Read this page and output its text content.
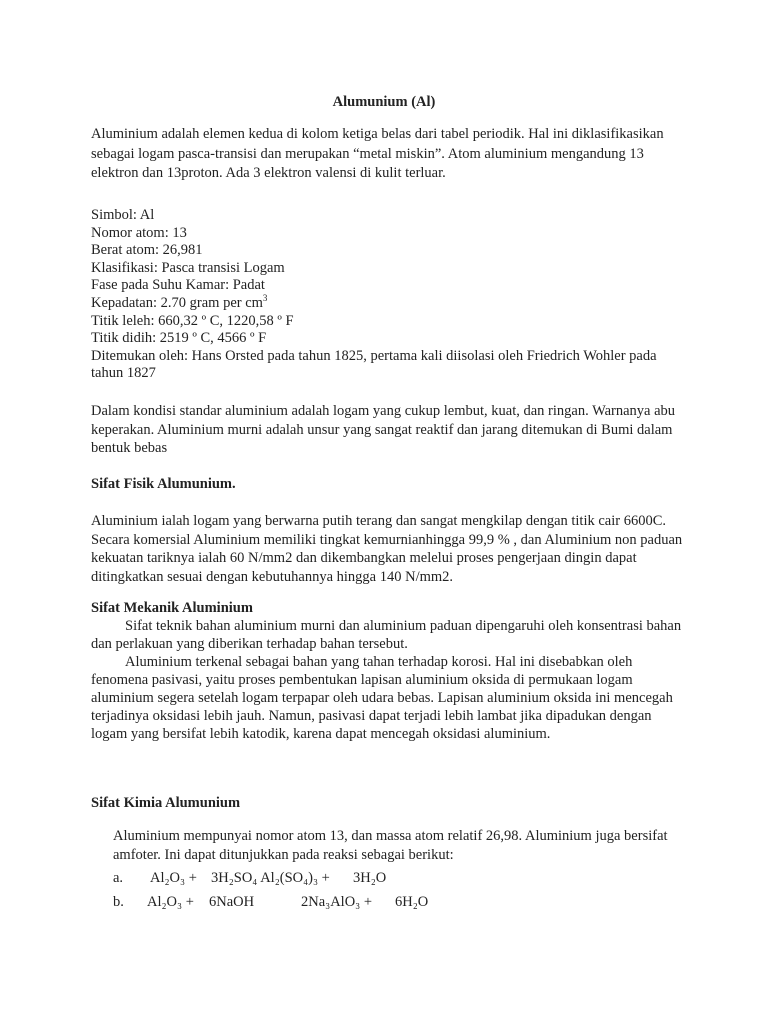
Alumunium (Al)

Aluminium adalah elemen kedua di kolom ketiga belas dari tabel periodik. Hal ini diklasifikasikan sebagai logam pasca-transisi dan merupakan “metal miskin”. Atom aluminium mengandung 13 elektron dan 13proton. Ada 3 elektron valensi di kulit terluar.

Simbol: Al
Nomor atom: 13
Berat atom: 26,981
Klasifikasi: Pasca transisi Logam
Fase pada Suhu Kamar: Padat
Kepadatan: 2.70 gram per $cm^3$
Titik leleh: 660,32 º C, 1220,58 º F
Titik didih: 2519 º C, 4566 º F
Ditemukan oleh: Hans Orsted pada tahun 1825, pertama kali diisolasi oleh Friedrich Wohler pada tahun 1827

Dalam kondisi standar aluminium adalah logam yang cukup lembut, kuat, dan ringan. Warnanya abu keperakan. Aluminium murni adalah unsur yang sangat reaktif dan jarang ditemukan di Bumi dalam bentuk bebas

Sifat Fisik Alumunium.

Aluminium ialah logam yang berwarna putih terang dan sangat mengkilap dengan titik cair 6600C. Secara komersial Aluminium memiliki tingkat kemurnianhingga 99,9 % , dan Aluminium non paduan kekuatan tariknya ialah 60 N/mm2 dan dikembangkan melelui proses pengerjaan dingin dapat ditingkatkan sesuai dengan kebutuhannya hingga 140 N/mm2.

Sifat Mekanik Aluminium

Sifat teknik bahan aluminium murni dan aluminium paduan dipengaruhi oleh konsentrasi bahan dan perlakuan yang diberikan terhadap bahan tersebut.

Aluminium terkenal sebagai bahan yang tahan terhadap korosi. Hal ini disebabkan oleh fenomena pasivasi, yaitu proses pembentukan lapisan aluminium oksida di permukaan logam aluminium segera setelah logam terpapar oleh udara bebas. Lapisan aluminium oksida ini mencegah terjadinya oksidasi lebih jauh. Namun, pasivasi dapat terjadi lebih lambat jika dipadukan dengan logam yang bersifat lebih katodik, karena dapat mencegah oksidasi aluminium.

Sifat Kimia Alumunium

Aluminium mempunyai nomor atom 13, dan massa atom relatif 26,98. Aluminium juga bersifat amfoter. Ini dapat ditunjukkan pada reaksi sebagai berikut:

a. Al₂O₃ + 3H₂SO₄ Al₂(SO₄)₃ + 3H₂O
b. Al₂O₃ + 6NaOH	2Na₃AlO₃ + 6H₂O
